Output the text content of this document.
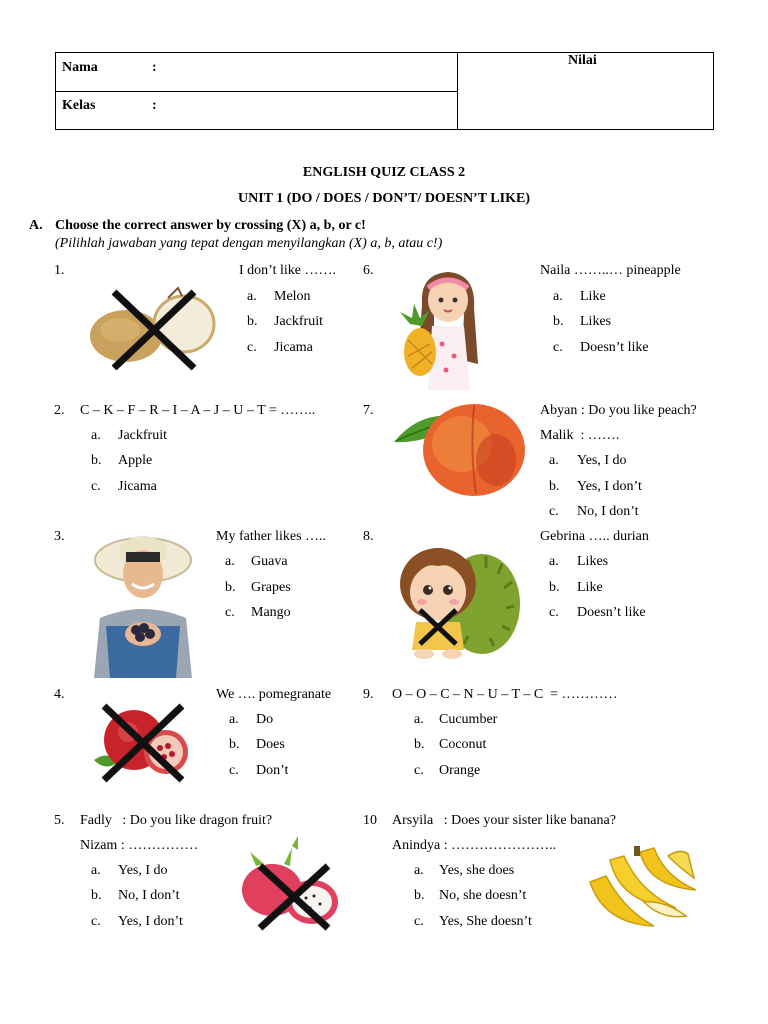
Nama	:
Kelas	:
Nilai
ENGLISH QUIZ CLASS 2
UNIT 1 (DO / DOES / DON’T/ DOESN’T LIKE)
A. Choose the correct answer by crossing (X) a, b, or c!
(Pilihlah jawaban yang tepat dengan menyilangkan (X) a, b, atau c!)
1.	I don’t like …….
a. Melon
b. Jackfruit
c. Jicama
2. C – K – F – R – I – A – J – U – T = ……..
a. Jackfruit
b. Apple
c. Jicama
3.	My father likes …..
a. Guava
b. Grapes
c. Mango
4.	We …. pomegranate
a. Do
b. Does
c. Don’t
5. Fadly   : Do you like dragon fruit?
Nizam : ……………
a. Yes, I do
b. No, I don’t
c. Yes, I don’t
6.	Naila ……..… pineapple
a. Like
b. Likes
c. Doesn’t like
7.	Abyan : Do you like peach?
Malik  : …….
a. Yes, I do
b. Yes, I don’t
c. No, I don’t
8.	Gebrina ….. durian
a. Likes
b. Like
c. Doesn’t like
9. O – O – C – N – U – T – C  = …………
a. Cucumber
b. Coconut
c. Orange
10 Arsyila   : Does your sister like banana?
Anindya : …………………..
a. Yes, she does
b. No, she doesn’t
c. Yes, She doesn’t
